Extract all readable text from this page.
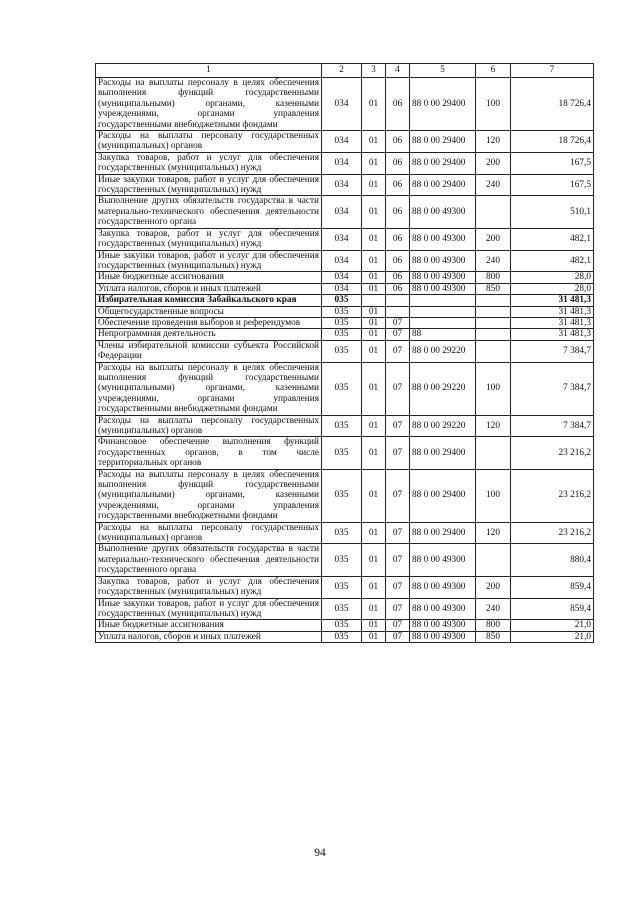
1	2	3	4	5	6	7
Расходы на выплаты персоналу в целях обеспечения выполнения функций государственными (муниципальными) органами, казенными учреждениями, органами управления государственными внебюджетными фондами	034	01	06	88 0 00 29400	100	18 726,4
Расходы на выплаты персоналу государственных (муниципальных) органов	034	01	06	88 0 00 29400	120	18 726,4
Закупка товаров, работ и услуг для обеспечения государственных (муниципальных) нужд	034	01	06	88 0 00 29400	200	167,5
Иные закупки товаров, работ и услуг для обеспечения государственных (муниципальных) нужд	034	01	06	88 0 00 29400	240	167,5
Выполнение других обязательств государства в части материально-технического обеспечения деятельности государственного органа	034	01	06	88 0 00 49300		510,1
Закупка товаров, работ и услуг для обеспечения государственных (муниципальных) нужд	034	01	06	88 0 00 49300	200	482,1
Иные закупки товаров, работ и услуг для обеспечения государственных (муниципальных) нужд	034	01	06	88 0 00 49300	240	482,1
Иные бюджетные ассигнования	034	01	06	88 0 00 49300	800	28,0
Уплата налогов, сборов и иных платежей	034	01	06	88 0 00 49300	850	28,0
Избирательная комиссия Забайкальского края	035					31 481,3
Общегосударственные вопросы	035	01				31 481,3
Обеспечение проведения выборов и референдумов	035	01	07			31 481,3
Непрограммная деятельность	035	01	07	88		31 481,3
Члены избирательной комиссии субъекта Российской Федерации	035	01	07	88 0 00 29220		7 384,7
Расходы на выплаты персоналу в целях обеспечения выполнения функций государственными (муниципальными) органами, казенными учреждениями, органами управления государственными внебюджетными фондами	035	01	07	88 0 00 29220	100	7 384,7
Расходы на выплаты персоналу государственных (муниципальных) органов	035	01	07	88 0 00 29220	120	7 384,7
Финансовое обеспечение выполнения функций государственных органов, в том числе территориальных органов	035	01	07	88 0 00 29400		23 216,2
Расходы на выплаты персоналу в целях обеспечения выполнения функций государственными (муниципальными) органами, казенными учреждениями, органами управления государственными внебюджетными фондами	035	01	07	88 0 00 29400	100	23 216,2
Расходы на выплаты персоналу государственных (муниципальных) органов	035	01	07	88 0 00 29400	120	23 216,2
Выполнение других обязательств государства в части материально-технического обеспечения деятельности государственного органа	035	01	07	88 0 00 49300		880,4
Закупка товаров, работ и услуг для обеспечения государственных (муниципальных) нужд	035	01	07	88 0 00 49300	200	859,4
Иные закупки товаров, работ и услуг для обеспечения государственных (муниципальных) нужд	035	01	07	88 0 00 49300	240	859,4
Иные бюджетные ассигнования	035	01	07	88 0 00 49300	800	21,0
Уплата налогов, сборов и иных платежей	035	01	07	88 0 00 49300	850	21,0
94
